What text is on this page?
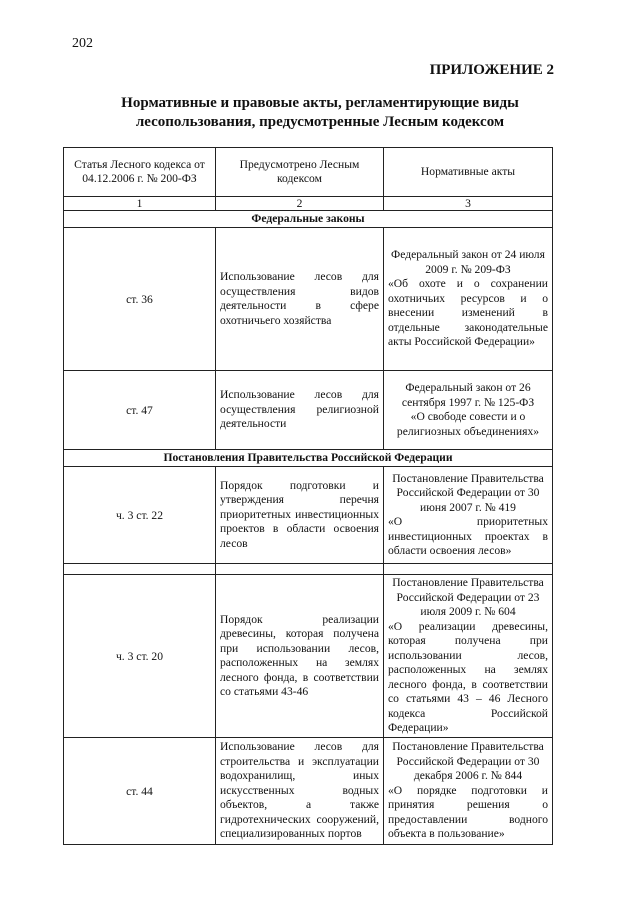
202
ПРИЛОЖЕНИЕ 2
Нормативные и правовые акты, регламентирующие виды
лесопользования, предусмотренные Лесным кодексом
Статья Лесного кодекса от 04.12.2006 г. № 200-ФЗ	Предусмотрено Лесным кодексом	Нормативные акты
1	2	3
Федеральные законы		
ст. 36	Использование лесов для осуществления видов деятельности в сфере охотничьего хозяйства	Федеральный закон от 24 июля 2009 г. № 209-ФЗ
«Об охоте и о сохранении охотничьих ресурсов и о внесении изменений в отдельные законодательные акты Российской Федерации»

ст. 47	Использование лесов для осуществления религиозной деятельности	Федеральный закон от 26 сентября 1997 г. № 125-ФЗ
«О свободе совести и о религиозных объединениях»

Постановления Правительства Российской Федерации		
ч. 3 ст. 22	Порядок подготовки и утверждения перечня приоритетных инвестиционных проектов в области освоения лесов	Постановление Правительства Российской Федерации от 30 июня 2007 г. № 419
«О приоритетных инвестиционных проектах в области освоения лесов»

ч. 3 ст. 20	Порядок реализации древесины, которая получена при использовании лесов, расположенных на землях лесного фонда, в соответствии со статьями 43-46	Постановление Правительства Российской Федерации от 23 июля 2009 г. № 604
«О реализации древесины, которая получена при использовании лесов, расположенных на землях лесного фонда, в соответствии со статьями 43 – 46 Лесного кодекса Российской Федерации»

ст. 44	Использование лесов для строительства и эксплуатации водохранилищ, иных искусственных водных объектов, а также гидротехнических сооружений, специализированных портов	Постановление Правительства Российской Федерации от 30 декабря 2006 г. № 844
«О порядке подготовки и принятия решения о предоставлении водного объекта в пользование»
